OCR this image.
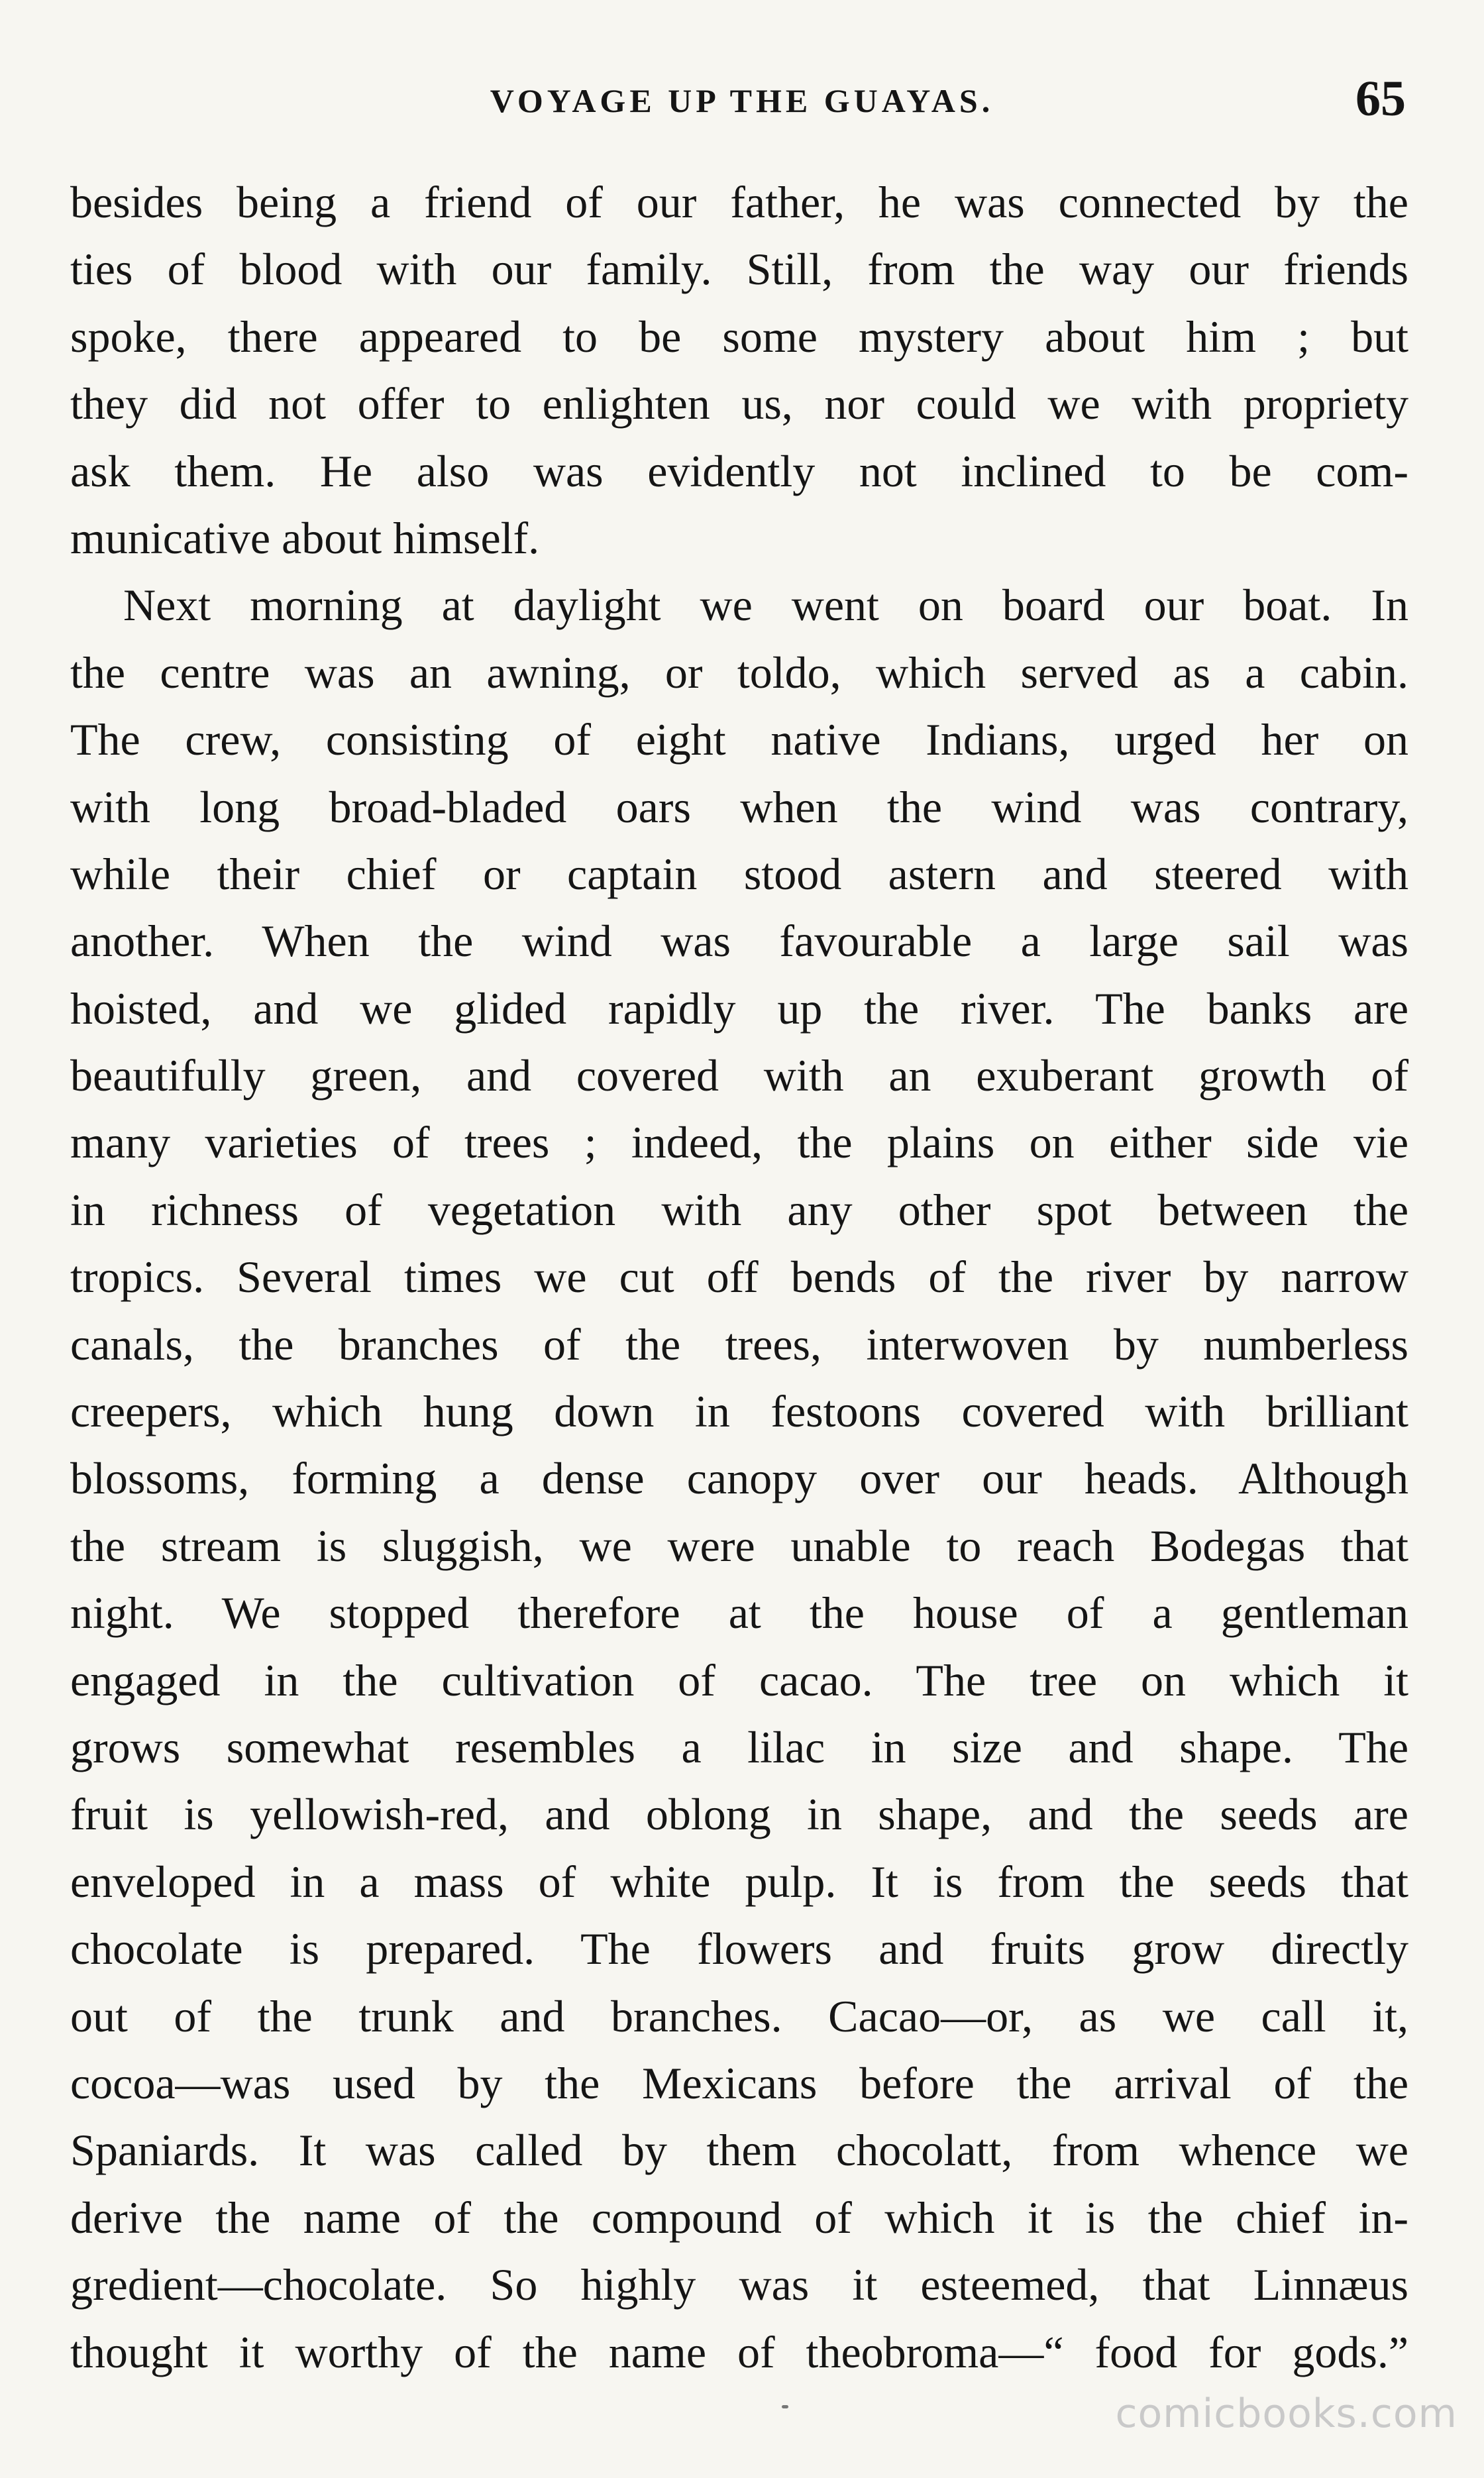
VOYAGE UP THE GUAYAS.	65
besides being a friend of our father, he was connected by the
ties of blood with our family. Still, from the way our friends
spoke, there appeared to be some mystery about him ; but
they did not offer to enlighten us, nor could we with propriety
ask them. He also was evidently not inclined to be com-
municative about himself.
Next morning at daylight we went on board our boat. In
the centre was an awning, or toldo, which served as a cabin.
The crew, consisting of eight native Indians, urged her on
with long broad-bladed oars when the wind was contrary,
while their chief or captain stood astern and steered with
another. When the wind was favourable a large sail was
hoisted, and we glided rapidly up the river. The banks are
beautifully green, and covered with an exuberant growth of
many varieties of trees ; indeed, the plains on either side vie
in richness of vegetation with any other spot between the
tropics. Several times we cut off bends of the river by narrow
canals, the branches of the trees, interwoven by numberless
creepers, which hung down in festoons covered with brilliant
blossoms, forming a dense canopy over our heads. Although
the stream is sluggish, we were unable to reach Bodegas that
night. We stopped therefore at the house of a gentleman
engaged in the cultivation of cacao. The tree on which it
grows somewhat resembles a lilac in size and shape. The
fruit is yellowish-red, and oblong in shape, and the seeds are
enveloped in a mass of white pulp. It is from the seeds that
chocolate is prepared. The flowers and fruits grow directly
out of the trunk and branches. Cacao—or, as we call it,
cocoa—was used by the Mexicans before the arrival of the
Spaniards. It was called by them chocolatt, from whence we
derive the name of the compound of which it is the chief in-
gredient—chocolate. So highly was it esteemed, that Linnæus
thought it worthy of the name of theobroma—“ food for gods.”
comicbooks.com
